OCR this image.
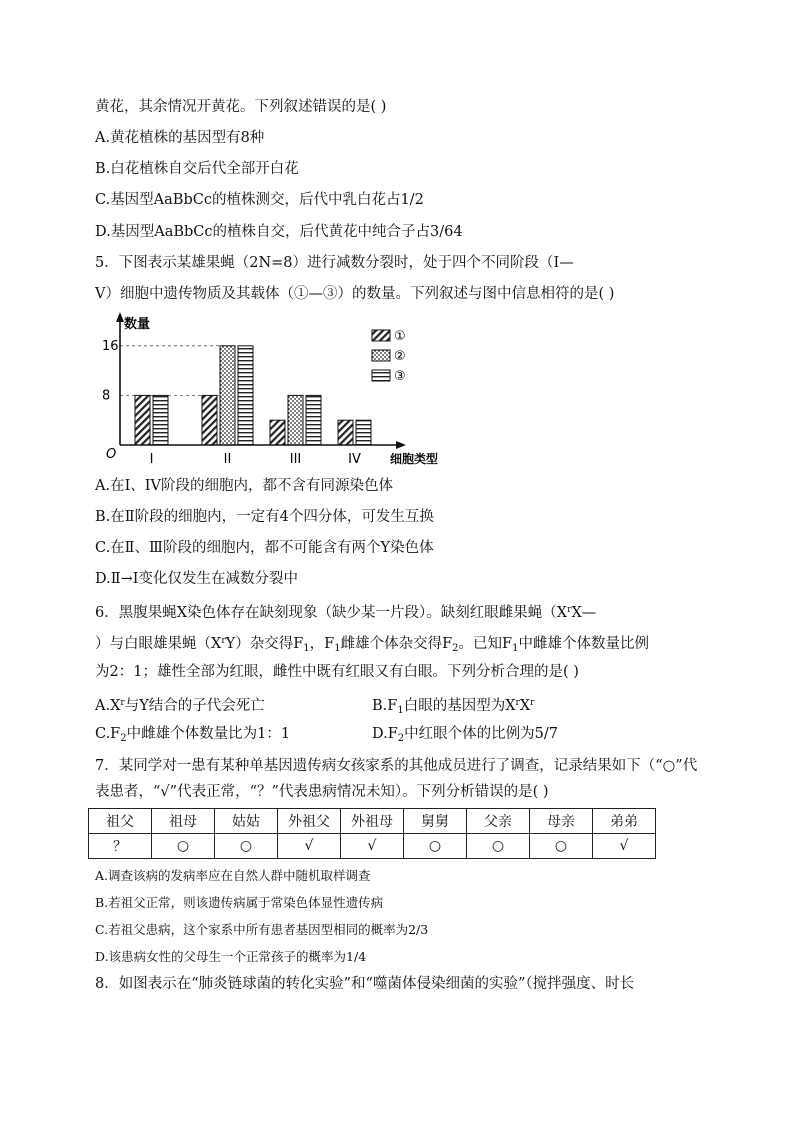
黄花，其余情况开黄花。下列叙述错误的是( )
A.黄花植株的基因型有8种
B.白花植株自交后代全部开白花
C.基因型AaBbCc的植株测交，后代中乳白花占1/2
D.基因型AaBbCc的植株自交，后代黄花中纯合子占3/64
5．下图表示某雄果蝇（2N=8）进行减数分裂时，处于四个不同阶段（I—
V）细胞中遗传物质及其载体（①—③）的数量。下列叙述与图中信息相符的是( )
数量
细胞类型
O
8
16
I	II	III	IV
①
②
③
A.在I、IV阶段的细胞内，都不含有同源染色体
B.在Ⅱ阶段的细胞内，一定有4个四分体，可发生互换
C.在Ⅱ、Ⅲ阶段的细胞内，都不可能含有两个Y染色体
D.Ⅱ→I变化仅发生在减数分裂中
6．黑腹果蝇X染色体存在缺刻现象（缺少某一片段）。缺刻红眼雌果蝇（$X^rX—$
）与白眼雄果蝇$(X^rY)$杂交得$F_1$，$F_1$雌雄个体杂交得$F_2$。已知$F_1$中雌雄个体数量比例
为2：1；雄性全部为红眼，雌性中既有红眼又有白眼。下列分析合理的是( )
$A.X^r$与Y结合的子代会死亡	$B.F_1$白眼的基因型为$X^rX^r$
$C.F_2$中雌雄个体数量比为1：1	$D.F_2$中红眼个体的比例为5/7
7．某同学对一患有某种单基因遗传病女孩家系的其他成员进行了调查，记录结果如下（“○”代
表患者，“√”代表正常，“？”代表患病情况未知）。下列分析错误的是( )
祖父	祖母	姑姑	外祖父	外祖母	舅舅	父亲	母亲	弟弟
？	○	○	√	√	○	○	○	√
A.调查该病的发病率应在自然人群中随机取样调查
B.若祖父正常，则该遗传病属于常染色体显性遗传病
C.若祖父患病，这个家系中所有患者基因型相同的概率为2/3
D.该患病女性的父母生一个正常孩子的概率为1/4
8．如图表示在“肺炎链球菌的转化实验”和“噬菌体侵染细菌的实验”（搅拌强度、时长
